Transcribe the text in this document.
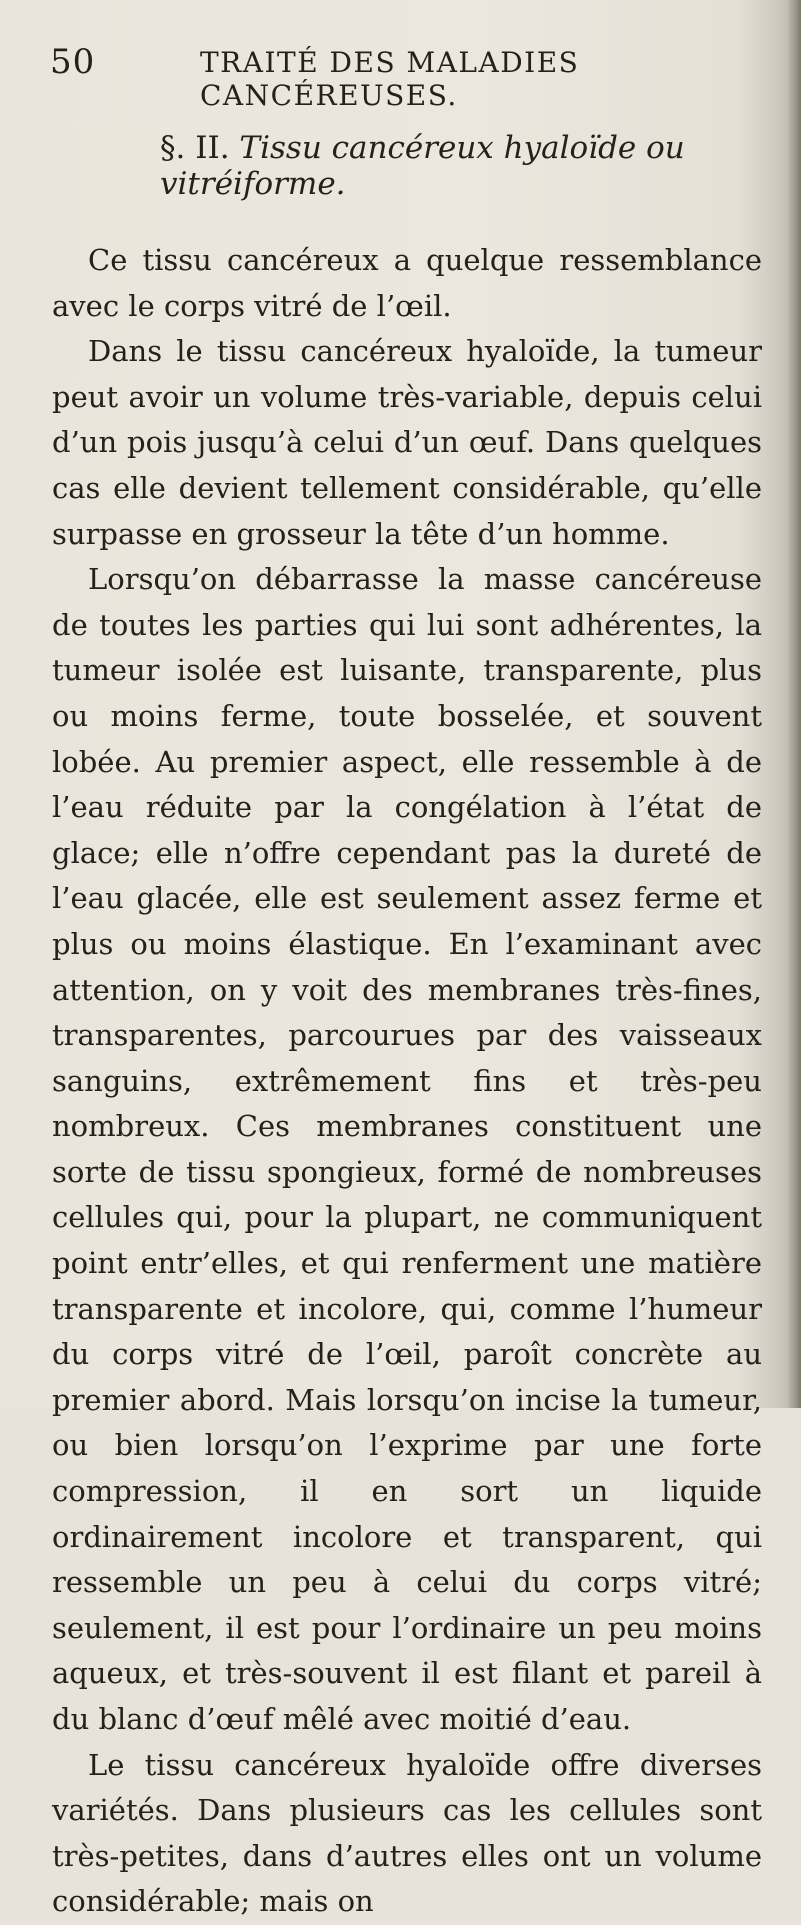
50	TRAITÉ DES MALADIES CANCÉREUSES.
§. II. Tissu cancéreux hyaloïde ou vitréiforme.

Ce tissu cancéreux a quelque ressemblance avec le corps vitré de l’œil.

Dans le tissu cancéreux hyaloïde, la tumeur peut avoir un volume très-variable, depuis celui d’un pois jusqu’à celui d’un œuf. Dans quelques cas elle devient tellement considérable, qu’elle surpasse en grosseur la tête d’un homme.

Lorsqu’on débarrasse la masse cancéreuse de toutes les parties qui lui sont adhérentes, la tumeur isolée est luisante, transparente, plus ou moins ferme, toute bosselée, et souvent lobée. Au premier aspect, elle ressemble à de l’eau réduite par la congélation à l’état de glace; elle n’offre cependant pas la dureté de l’eau glacée, elle est seulement assez ferme et plus ou moins élastique. En l’examinant avec attention, on y voit des membranes très-fines, transparentes, parcourues par des vaisseaux sanguins, extrêmement fins et très-peu nombreux. Ces membranes constituent une sorte de tissu spongieux, formé de nombreuses cellules qui, pour la plupart, ne communiquent point entr’elles, et qui renferment une matière transparente et incolore, qui, comme l’humeur du corps vitré de l’œil, paroît concrète au premier abord. Mais lorsqu’on incise la tumeur, ou bien lorsqu’on l’exprime par une forte compression, il en sort un liquide ordinairement incolore et transparent, qui ressemble un peu à celui du corps vitré; seulement, il est pour l’ordinaire un peu moins aqueux, et très-souvent il est filant et pareil à du blanc d’œuf mêlé avec moitié d’eau.

Le tissu cancéreux hyaloïde offre diverses variétés. Dans plusieurs cas les cellules sont très-petites, dans d’autres elles ont un volume considérable; mais on
